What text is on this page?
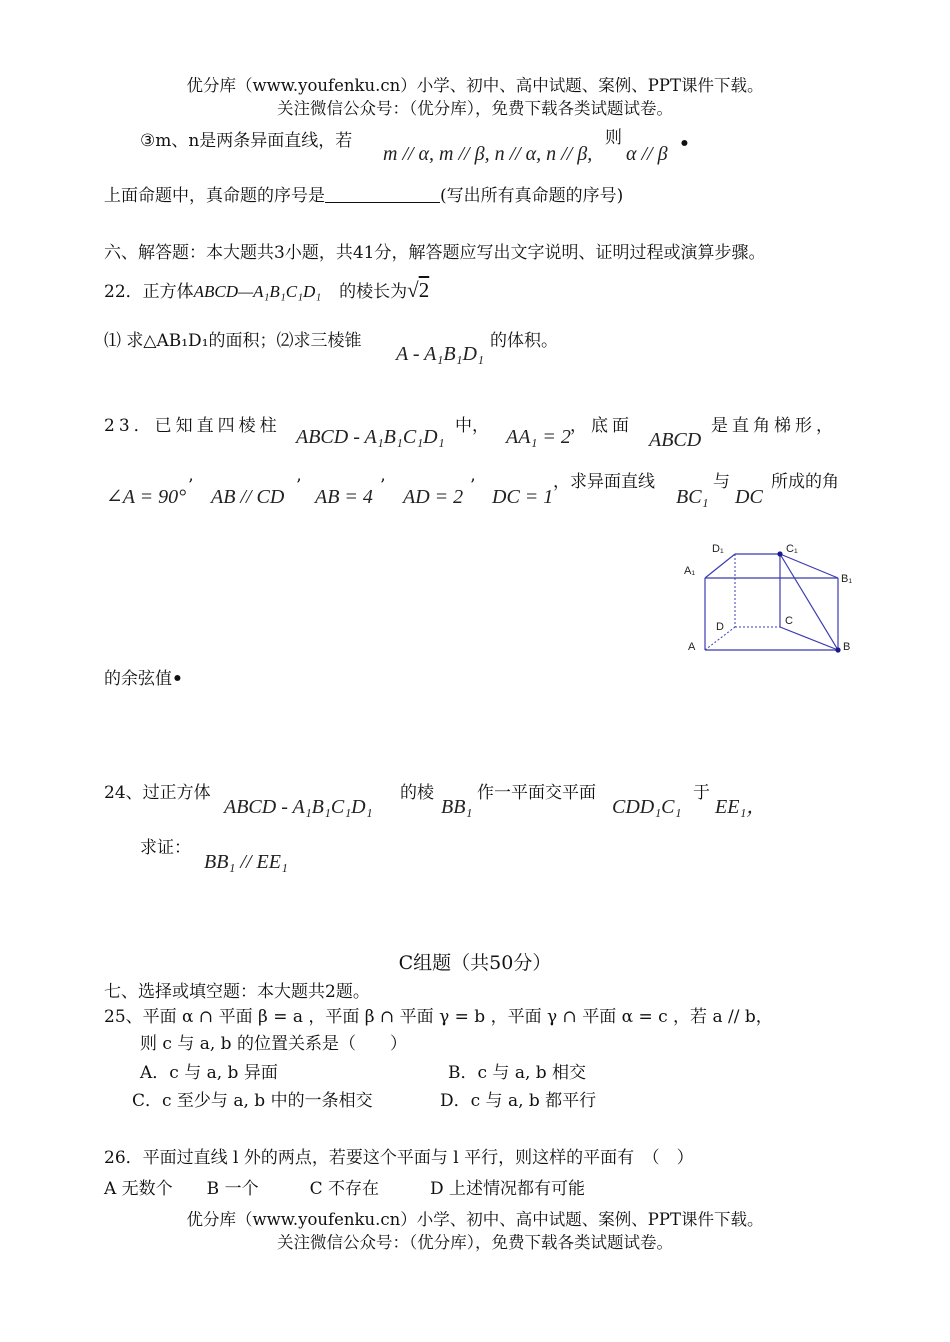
优分库（www.youfenku.cn）小学、初中、高中试题、案例、PPT课件下载。
关注微信公众号：（优分库），免费下载各类试题试卷。
③m、n是两条异面直线，若
m // α, m // β, n // α, n // β,
则
α // β •
上面命题中，真命题的序号是	(写出所有真命题的序号)
六、解答题：本大题共3小题，共41分，解答题应写出文字说明、证明过程或演算步骤。
22．正方体ABCD—A₁B₁C₁D₁ 的棱长为√2
⑴ 求△AB₁D₁的面积；⑵求三棱锥
A - A₁B₁D₁
的体积。
23．已知直四棱柱 ABCD - A₁B₁C₁D₁ 中， AA₁ = 2 ，底面
ABCD
是直角梯形，
∠A = 90° ’ AB // CD ’ AB = 4 ’ AD = 2 ’ DC = 1
，求异面直线
BC₁
与
DC
所成的角
D₁	C₁
A₁
B₁
D	C
A	B
的余弦值•
24、过正方体
ABCD - A₁B₁C₁D₁
的棱
BB₁
作一平面交平面
CDD₁C₁
于
EE₁，
求证：
BB₁ // EE₁
C组题（共50分）
七、选择或填空题：本大题共2题。
25、平面 α ∩ 平面 β = a ，平面 β ∩ 平面 γ = b ，平面 γ ∩ 平面 α = c ，若 a // b，
则 c 与 a, b 的位置关系是（　　）
A．c 与 a, b 异面	B．c 与 a, b 相交
C．c 至少与 a, b 中的一条相交	D．c 与 a, b 都平行
26．平面过直线 l 外的两点，若要这个平面与 l 平行，则这样的平面有　（　）
A 无数个　　B 一个　　　C 不存在　　　D 上述情况都有可能
优分库（www.youfenku.cn）小学、初中、高中试题、案例、PPT课件下载。
关注微信公众号：（优分库），免费下载各类试题试卷。
